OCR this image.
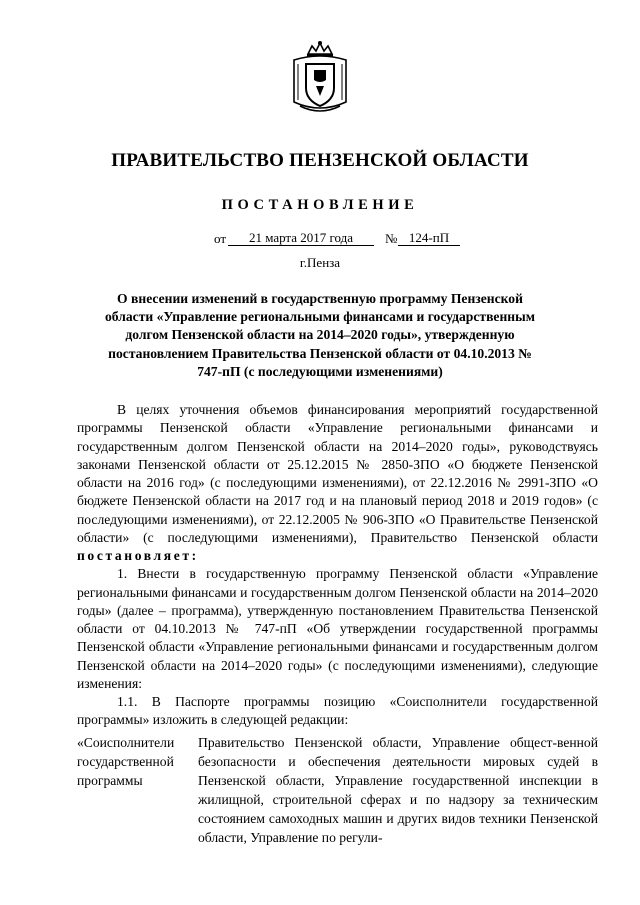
ПРАВИТЕЛЬСТВО ПЕНЗЕНСКОЙ ОБЛАСТИ
ПОСТАНОВЛЕНИЕ
от	21 марта 2017 года	№ 124-пП
г.Пенза
О внесении изменений в государственную программу Пензенской области «Управление региональными финансами и государственным долгом Пензенской области на 2014–2020 годы», утвержденную постановлением Правительства Пензенской области от 04.10.2013 № 747-пП (с последующими изменениями)

В целях уточнения объемов финансирования мероприятий государственной программы Пензенской области «Управление региональными финансами и государственным долгом Пензенской области на 2014–2020 годы», руководствуясь законами Пензенской области от 25.12.2015 № 2850-ЗПО «О бюджете Пензенской области на 2016 год» (с последующими изменениями), от 22.12.2016 № 2991-ЗПО «О бюджете Пензенской области на 2017 год и на плановый период 2018 и 2019 годов» (с последующими изменениями), от 22.12.2005 № 906-ЗПО «О Правительстве Пензенской области» (с последующими изменениями), Правительство Пензенской области постановляет:

1. Внести в государственную программу Пензенской области «Управление региональными финансами и государственным долгом Пензенской области на 2014–2020 годы» (далее – программа), утвержденную постановлением Правительства Пензенской области от 04.10.2013 № 747-пП «Об утверждении государственной программы Пензенской области «Управление региональными финансами и государственным долгом Пензенской области на 2014–2020 годы» (с последующими изменениями), следующие изменения:

1.1. В Паспорте программы позицию «Соисполнители государственной программы» изложить в следующей редакции:

«Соисполнители государственной программы
Правительство Пензенской области, Управление общест-венной безопасности и обеспечения деятельности мировых судей в Пензенской области, Управление государственной инспекции в жилищной, строительной сферах и по надзору за техническим состоянием самоходных машин и других видов техники Пензенской области, Управление по регули-
